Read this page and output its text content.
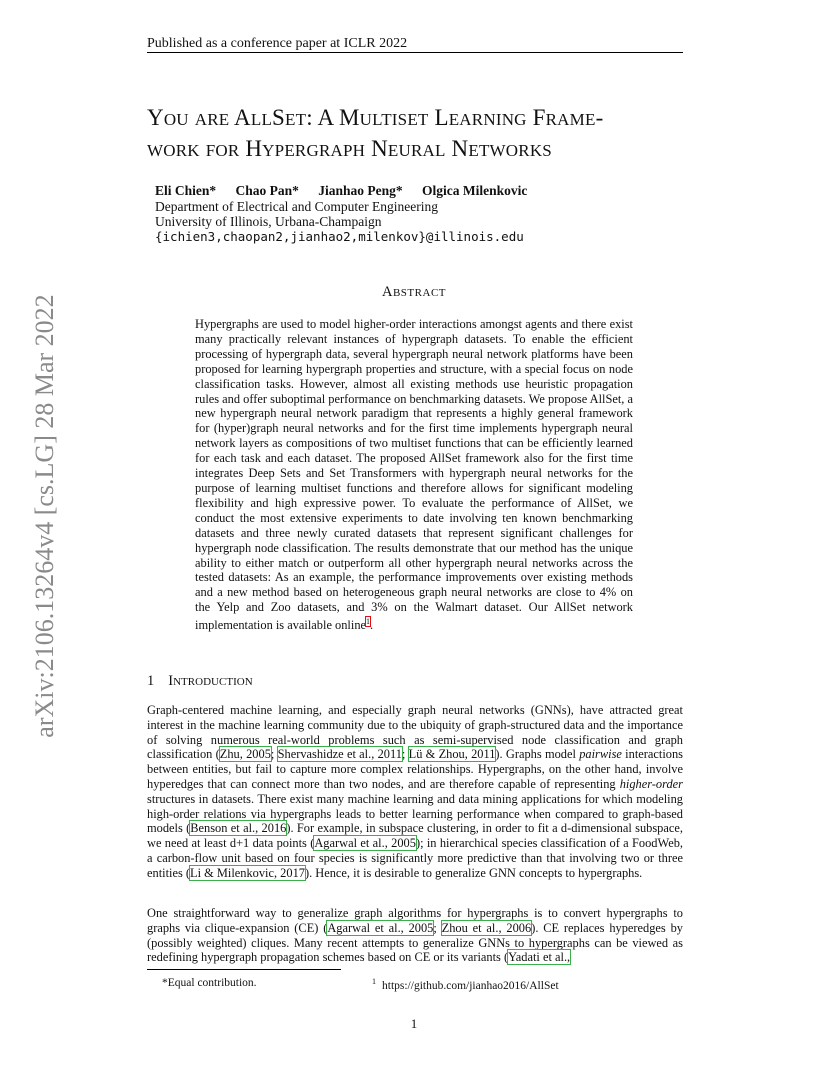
arXiv:2106.13264v4 [cs.LG] 28 Mar 2022
Published as a conference paper at ICLR 2022
YOU ARE ALLSET: A MULTISET LEARNING FRAME-
WORK FOR HYPERGRAPH NEURAL NETWORKS
Eli Chien* Chao Pan* Jianhao Peng* Olgica Milenkovic
Department of Electrical and Computer Engineering
University of Illinois, Urbana-Champaign
{ichien3,chaopan2,jianhao2,milenkov}@illinois.edu
ABSTRACT
Hypergraphs are used to model higher-order interactions amongst agents and there exist many practically relevant instances of hypergraph datasets. To enable the efficient processing of hypergraph data, several hypergraph neural network platforms have been proposed for learning hypergraph properties and structure, with a special focus on node classification tasks. However, almost all existing methods use heuristic propagation rules and offer suboptimal performance on benchmarking datasets. We propose AllSet, a new hypergraph neural network paradigm that represents a highly general framework for (hyper)graph neural networks and for the first time implements hypergraph neural network layers as compositions of two multiset functions that can be efficiently learned for each task and each dataset. The proposed AllSet framework also for the first time integrates Deep Sets and Set Transformers with hypergraph neural networks for the purpose of learning multiset functions and therefore allows for significant modeling flexibility and high expressive power. To evaluate the performance of AllSet, we conduct the most extensive experiments to date involving ten known benchmarking datasets and three newly curated datasets that represent significant challenges for hypergraph node classification. The results demonstrate that our method has the unique ability to either match or outperform all other hypergraph neural networks across the tested datasets: As an example, the performance improvements over existing methods and a new method based on heterogeneous graph neural networks are close to 4% on the Yelp and Zoo datasets, and 3% on the Walmart dataset. Our AllSet network implementation is available online$^1$.
1 INTRODUCTION
Graph-centered machine learning, and especially graph neural networks (GNNs), have attracted great interest in the machine learning community due to the ubiquity of graph-structured data and the importance of solving numerous real-world problems such as semi-supervised node classification and graph classification (Zhu, 2005; Shervashidze et al., 2011; Lü & Zhou, 2011). Graphs model pairwise interactions between entities, but fail to capture more complex relationships. Hypergraphs, on the other hand, involve hyperedges that can connect more than two nodes, and are therefore capable of representing higher-order structures in datasets. There exist many machine learning and data mining applications for which modeling high-order relations via hypergraphs leads to better learning performance when compared to graph-based models (Benson et al., 2016). For example, in subspace clustering, in order to fit a d-dimensional subspace, we need at least d+1 data points (Agarwal et al., 2005); in hierarchical species classification of a FoodWeb, a carbon-flow unit based on four species is significantly more predictive than that involving two or three entities (Li & Milenkovic, 2017). Hence, it is desirable to generalize GNN concepts to hypergraphs.
One straightforward way to generalize graph algorithms for hypergraphs is to convert hypergraphs to graphs via clique-expansion (CE) (Agarwal et al., 2005; Zhou et al., 2006). CE replaces hyperedges by (possibly weighted) cliques. Many recent attempts to generalize GNNs to hypergraphs can be viewed as redefining hypergraph propagation schemes based on CE or its variants (Yadati et al.,
*Equal contribution.	$^1$ https://github.com/jianhao2016/AllSet
1
